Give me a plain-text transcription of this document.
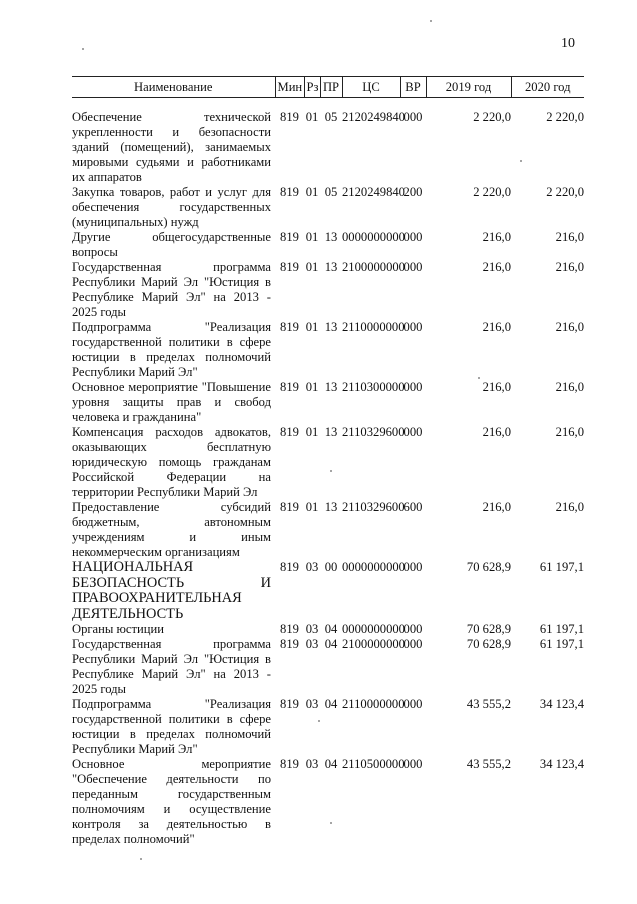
10
Наименование	Мин	Рз	ПР	ЦС	ВР	2019 год	2020 год

Обеспечение технической укрепленности и безопасности зданий (помещений), занимаемых мировыми судьями и работниками их аппаратов	819	01	05	2120249840	000	2 220,0	2 220,0
Закупка товаров, работ и услуг для обеспечения государственных (муниципальных) нужд	819	01	05	2120249840	200	2 220,0	2 220,0
Другие общегосударственные вопросы	819	01	13	0000000000	000	216,0	216,0
Государственная программа Республики Марий Эл "Юстиция в Республике Марий Эл" на 2013 - 2025 годы	819	01	13	2100000000	000	216,0	216,0
Подпрограмма "Реализация государственной политики в сфере юстиции в пределах полномочий Республики Марий Эл"	819	01	13	2110000000	000	216,0	216,0
Основное мероприятие "Повышение уровня защиты прав и свобод человека и гражданина"	819	01	13	2110300000	000	216,0	216,0
Компенсация расходов адвокатов, оказывающих бесплатную юридическую помощь гражданам Российской Федерации на территории Республики Марий Эл	819	01	13	2110329600	000	216,0	216,0
Предоставление субсидий бюджетным, автономным учреждениям и иным некоммерческим организациям	819	01	13	2110329600	600	216,0	216,0
НАЦИОНАЛЬНАЯ БЕЗОПАСНОСТЬ И ПРАВООХРАНИТЕЛЬНАЯ ДЕЯТЕЛЬНОСТЬ	819	03	00	0000000000	000	70 628,9	61 197,1
Органы юстиции	819	03	04	0000000000	000	70 628,9	61 197,1
Государственная программа Республики Марий Эл "Юстиция в Республике Марий Эл" на 2013 - 2025 годы	819	03	04	2100000000	000	70 628,9	61 197,1
Подпрограмма "Реализация государственной политики в сфере юстиции в пределах полномочий Республики Марий Эл"	819	03	04	2110000000	000	43 555,2	34 123,4
Основное мероприятие "Обеспечение деятельности по переданным государственным полномочиям и осуществление контроля за деятельностью в пределах полномочий"	819	03	04	2110500000	000	43 555,2	34 123,4
